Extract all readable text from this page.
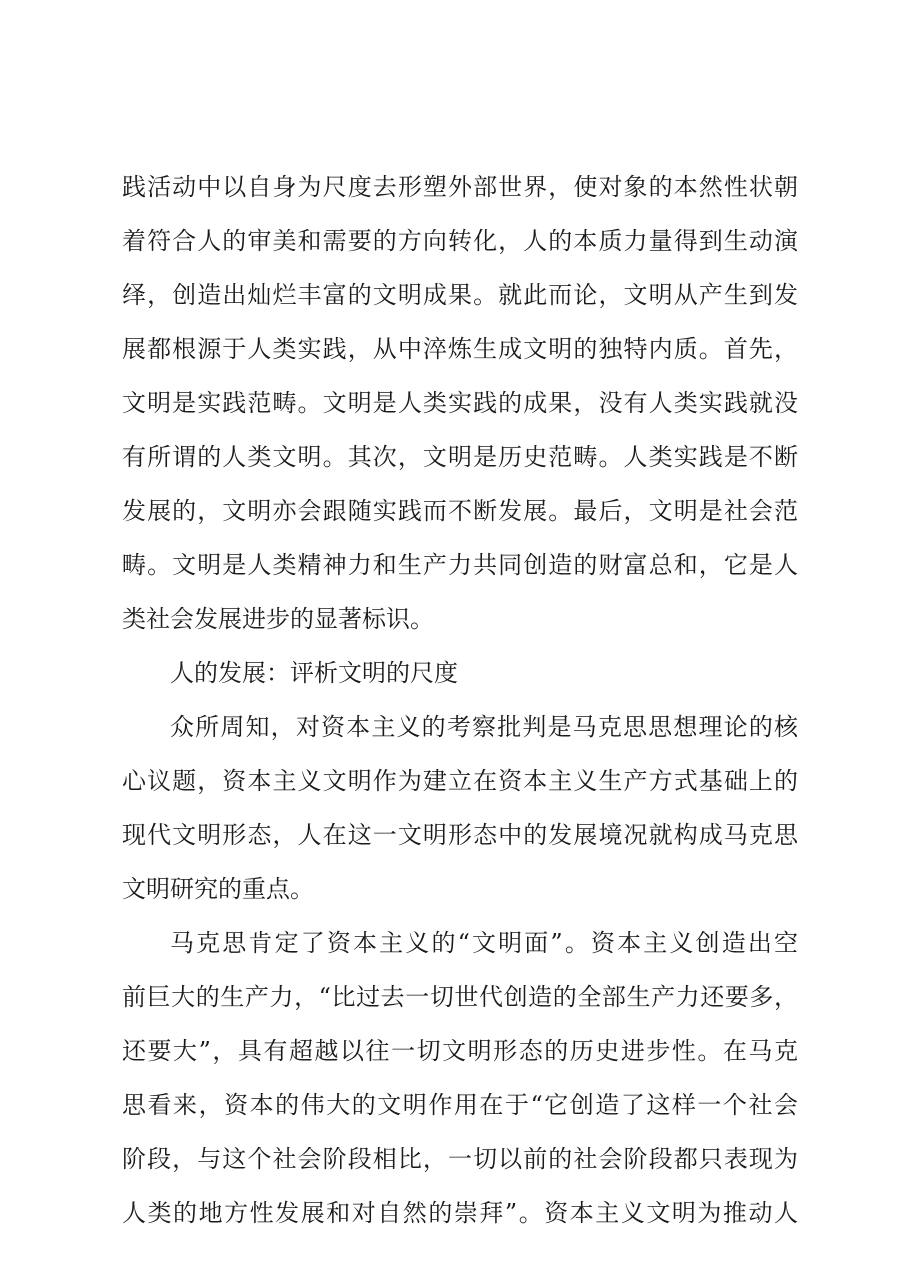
践活动中以自身为尺度去形塑外部世界，使对象的本然性状朝
着符合人的审美和需要的方向转化，人的本质力量得到生动演
绎，创造出灿烂丰富的文明成果。就此而论，文明从产生到发
展都根源于人类实践，从中淬炼生成文明的独特内质。首先，
文明是实践范畴。文明是人类实践的成果，没有人类实践就没
有所谓的人类文明。其次，文明是历史范畴。人类实践是不断
发展的，文明亦会跟随实践而不断发展。最后，文明是社会范
畴。文明是人类精神力和生产力共同创造的财富总和，它是人
类社会发展进步的显著标识。
人的发展：评析文明的尺度
众所周知，对资本主义的考察批判是马克思思想理论的核
心议题，资本主义文明作为建立在资本主义生产方式基础上的
现代文明形态，人在这一文明形态中的发展境况就构成马克思
文明研究的重点。
马克思肯定了资本主义的“文明面”。资本主义创造出空
前巨大的生产力，“比过去一切世代创造的全部生产力还要多，
还要大”，具有超越以往一切文明形态的历史进步性。在马克
思看来，资本的伟大的文明作用在于“它创造了这样一个社会
阶段，与这个社会阶段相比，一切以前的社会阶段都只表现为
人类的地方性发展和对自然的崇拜”。资本主义文明为推动人
